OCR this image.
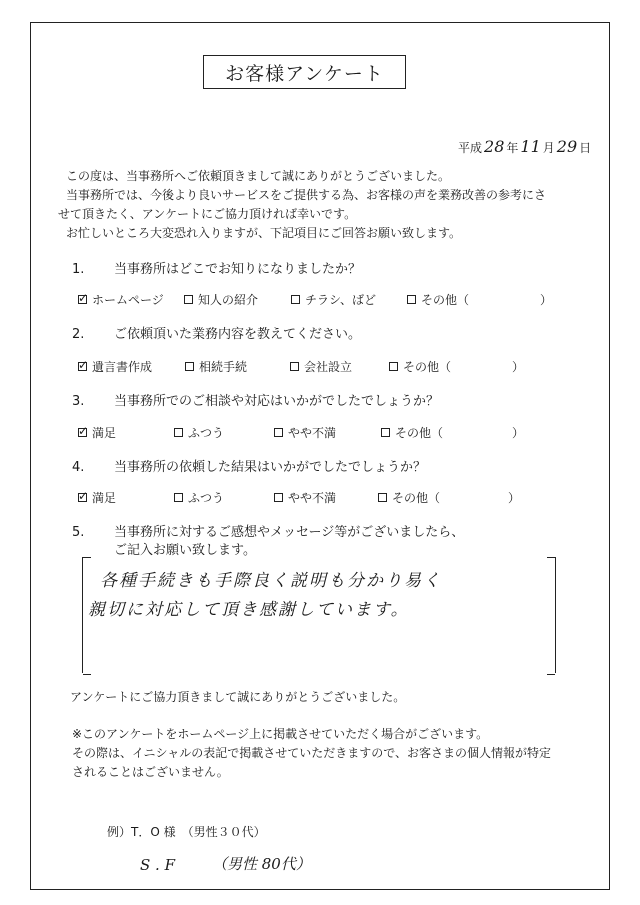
お客様アンケート
平成 28 年 11 月 29 日
この度は、当事務所へご依頼頂きまして誠にありがとうございました。
当事務所では、今後より良いサービスをご提供する為、お客様の声を業務改善の参考にさ
せて頂きたく、アンケートにご協力頂ければ幸いです。
お忙しいところ大変恐れ入りますが、下記項目にご回答お願い致します。
1. 当事務所はどこでお知りになりましたか？
✓
ホームページ	知人の紹介	チラシ、ばど	その他（	）
2. ご依頼頂いた業務内容を教えてください。
✓
遺言書作成	相続手続	会社設立	その他（	）
3. 当事務所でのご相談や対応はいかがでしたでしょうか？
✓
満足	ふつう	やや不満	その他（	）
4. 当事務所の依頼した結果はいかがでしたでしょうか？
✓
満足	ふつう	やや不満	その他（	）
5. 当事務所に対するご感想やメッセージ等がございましたら、
ご記入お願い致します。
各種手続きも手際良く説明も分かり易く
親切に対応して頂き感謝しています。
アンケートにご協力頂きまして誠にありがとうございました。
※このアンケートをホームページ上に掲載させていただく場合がございます。
その際は、イニシャルの表記で掲載させていただきますので、お客さまの個人情報が特定
されることはございません。
例）T．O 様　（男性３０代）
S . F （男性 80代）
